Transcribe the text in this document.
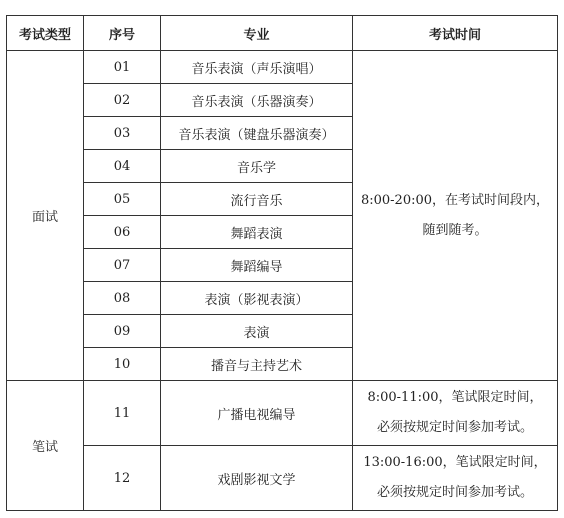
考试类型	序号	专业	考试时间
面试	01	音乐表演（声乐演唱）	8:00-20:00，在考试时间段内，
随到随考。

	02	音乐表演（乐器演奏）	
	03	音乐表演（键盘乐器演奏）	
	04	音乐学	
	05	流行音乐	
	06	舞蹈表演	
	07	舞蹈编导	
	08	表演（影视表演）	
	09	表演	
	10	播音与主持艺术	
笔试	11	广播电视编导	8:00-11:00，笔试限定时间，
必须按规定时间参加考试。

	12	戏剧影视文学	13:00-16:00，笔试限定时间，
必须按规定时间参加考试。
